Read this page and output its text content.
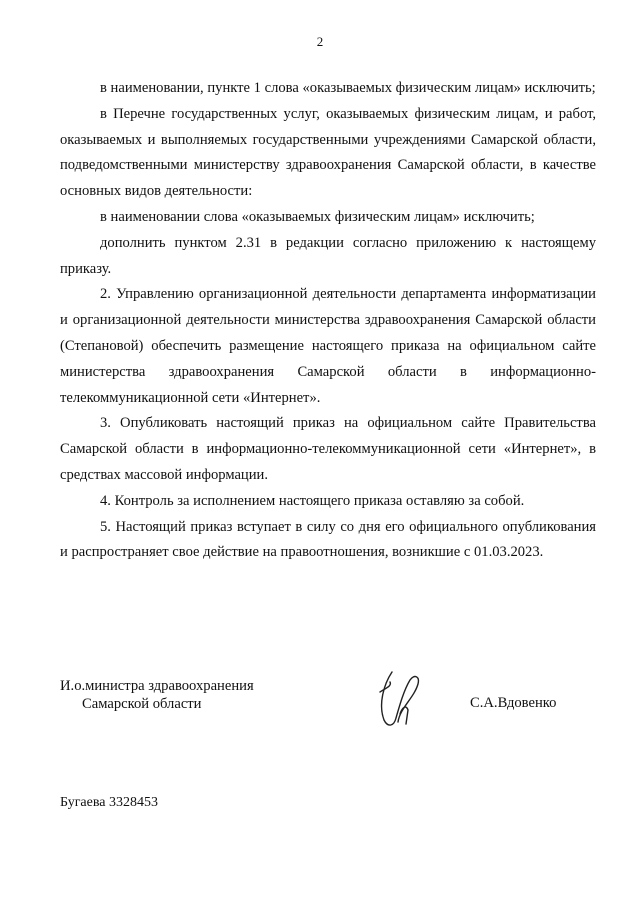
2

в наименовании, пункте 1 слова «оказываемых физическим лицам» исключить;

в Перечне государственных услуг, оказываемых физическим лицам, и работ, оказываемых и выполняемых государственными учреждениями Самарской области, подведомственными министерству здравоохранения Самарской области, в качестве основных видов деятельности:

в наименовании слова «оказываемых физическим лицам» исключить;

дополнить пунктом 2.31 в редакции согласно приложению к настоящему приказу.

2. Управлению организационной деятельности департамента информатизации и организационной деятельности министерства здравоохранения Самарской области (Степановой) обеспечить размещение настоящего приказа на официальном сайте министерства здравоохранения Самарской области в информационно-телекоммуникационной сети «Интернет».

3. Опубликовать настоящий приказ на официальном сайте Правительства Самарской области в информационно-телекоммуникационной сети «Интернет», в средствах массовой информации.

4. Контроль за исполнением настоящего приказа оставляю за собой.

5. Настоящий приказ вступает в силу со дня его официального опубликования и распространяет свое действие на правоотношения, возникшие с 01.03.2023.

И.о.министра здравоохранения
Самарской области	С.А.Вдовенко
Бугаева 3328453
